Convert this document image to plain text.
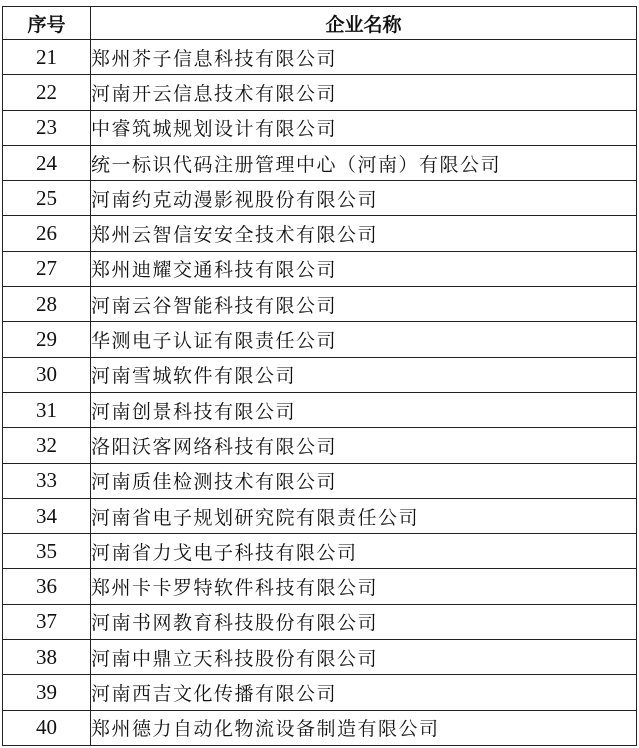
序号	企业名称
21	郑州芥子信息科技有限公司
22	河南开云信息技术有限公司
23	中睿筑城规划设计有限公司
24	统一标识代码注册管理中心（河南）有限公司
25	河南约克动漫影视股份有限公司
26	郑州云智信安安全技术有限公司
27	郑州迪耀交通科技有限公司
28	河南云谷智能科技有限公司
29	华测电子认证有限责任公司
30	河南雪城软件有限公司
31	河南创景科技有限公司
32	洛阳沃客网络科技有限公司
33	河南质佳检测技术有限公司
34	河南省电子规划研究院有限责任公司
35	河南省力戈电子科技有限公司
36	郑州卡卡罗特软件科技有限公司
37	河南书网教育科技股份有限公司
38	河南中鼎立天科技股份有限公司
39	河南西吉文化传播有限公司
40	郑州德力自动化物流设备制造有限公司
